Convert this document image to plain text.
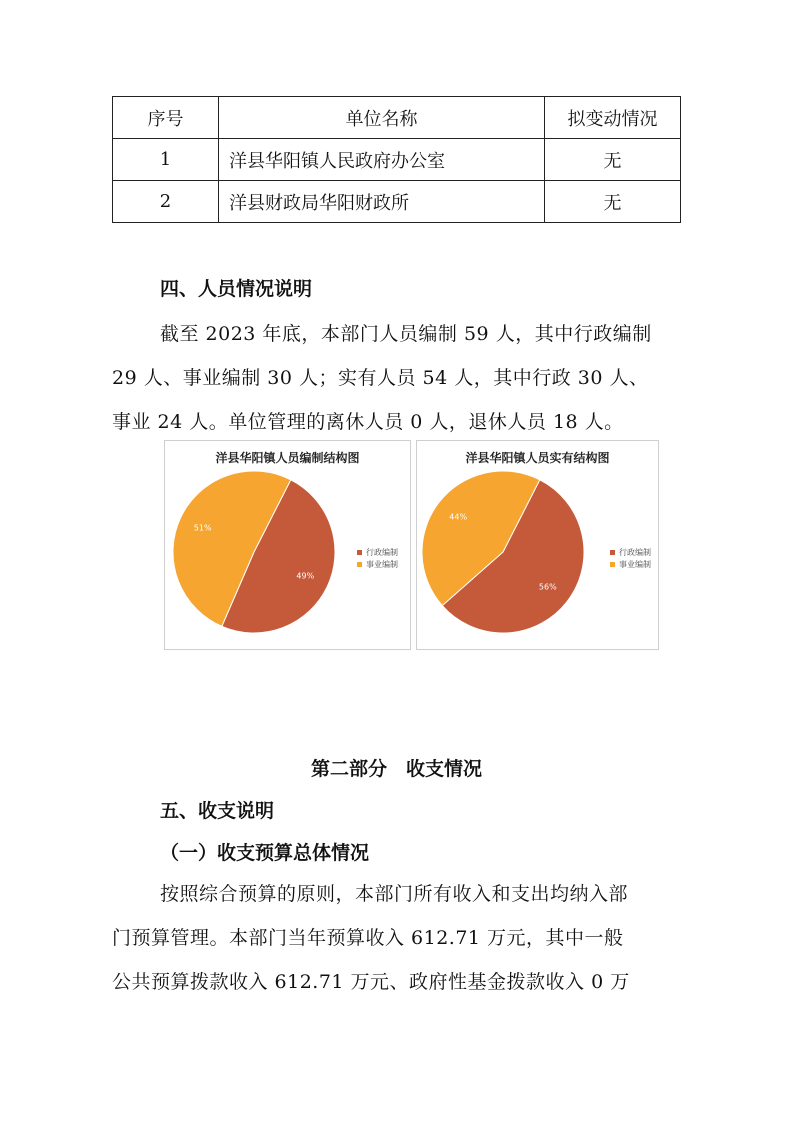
序号	单位名称	拟变动情况
1	洋县华阳镇人民政府办公室	无
2	洋县财政局华阳财政所	无
四、人员情况说明
截至 2023 年底，本部门人员编制 59 人，其中行政编制
29 人、事业编制 30 人；实有人员 54 人，其中行政 30 人、
事业 24 人。单位管理的离休人员 0 人，退休人员 18 人。
洋县华阳镇人员编制结构图
49%
51%
行政编制
事业编制
洋县华阳镇人员实有结构图
56%
44%
行政编制
事业编制
第二部分　收支情况
五、收支说明
（一）收支预算总体情况
按照综合预算的原则，本部门所有收入和支出均纳入部
门预算管理。本部门当年预算收入 612.71 万元，其中一般
公共预算拨款收入 612.71 万元、政府性基金拨款收入 0 万
